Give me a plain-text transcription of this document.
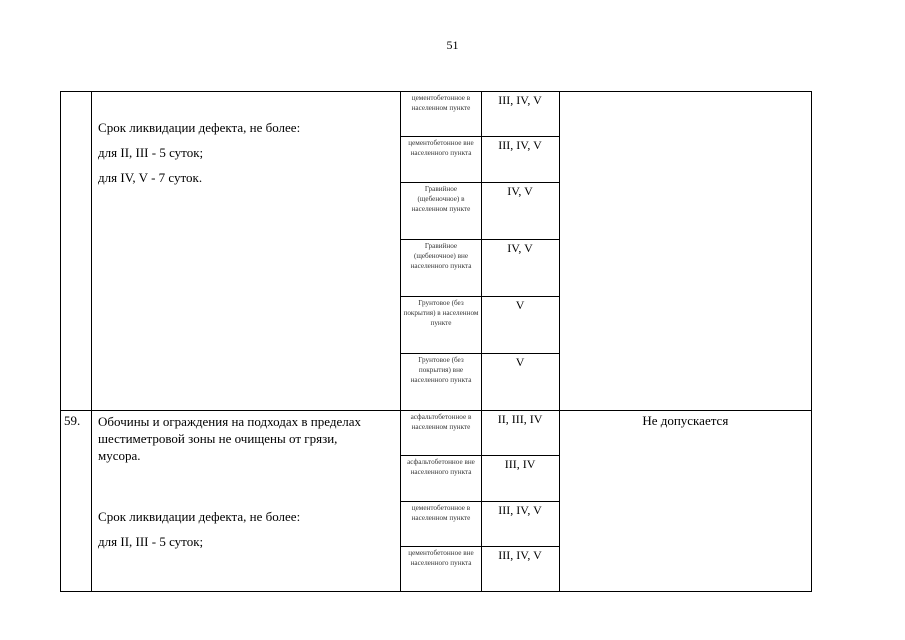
51

	Срок ликвидации дефекта, не более:

для II, III - 5 суток;

для IV, V - 7 суток.	цементобетонное в населенном пункте	III, IV, V	

		цементобетонное вне населенного пункта	III, IV, V	

		Гравийное (щебеночное) в населенном пункте	IV, V	

		Гравийное (щебеночное) вне населенного пункта	IV, V	

		Грунтовое (без покрытия) в населенном пункте	V	

		Грунтовое (без покрытия) вне населенного пункта	V	

59.	Обочины и ограждения на подходах в пределах

шестиметровой зоны не очищены от грязи,

мусора.

Срок ликвидации дефекта, не более:

для II, III - 5 суток;	асфальтобетонное в населенном пункте	II, III, IV	Не допускается

		асфальтобетонное вне населенного пункта	III, IV	

		цементобетонное в населенном пункте	III, IV, V	

		цементобетонное вне населенного пункта	III, IV, V	
